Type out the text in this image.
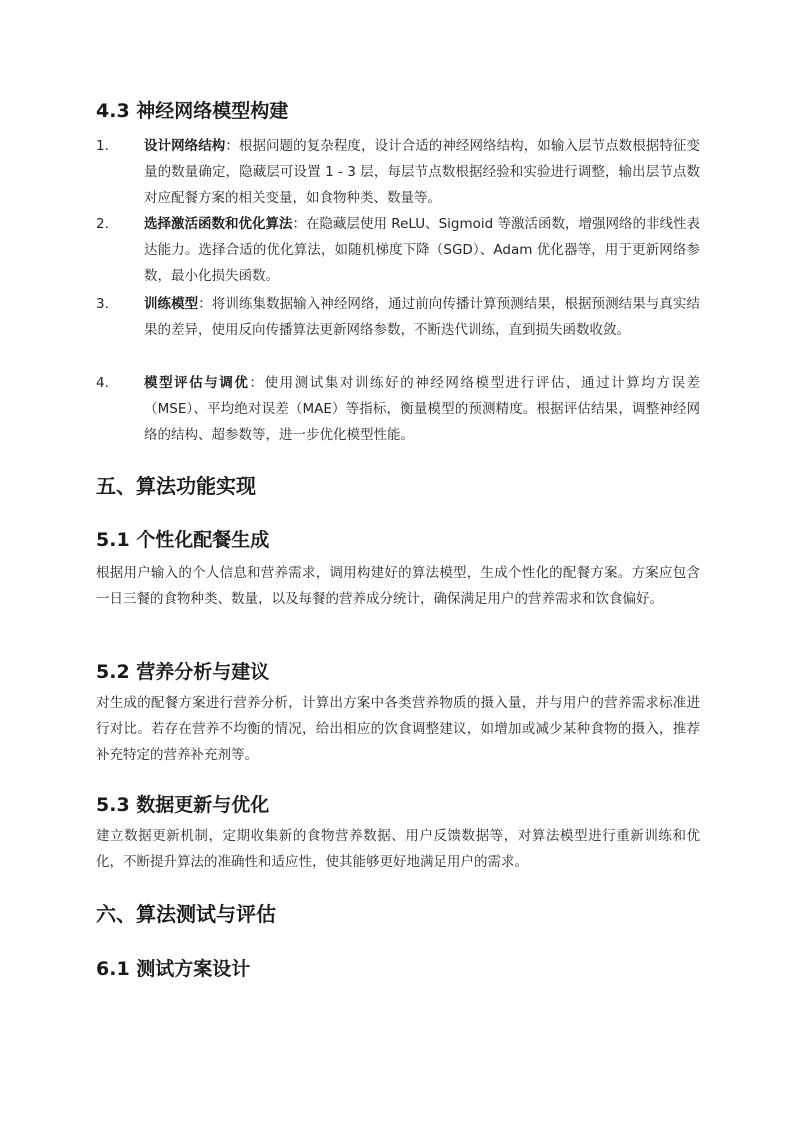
4.3 神经网络模型构建
1.	设计网络结构：根据问题的复杂程度，设计合适的神经网络结构，如输入层节点数根据特征变量的数量确定，隐藏层可设置 1 - 3 层，每层节点数根据经验和实验进行调整，输出层节点数对应配餐方案的相关变量，如食物种类、数量等。

2.	选择激活函数和优化算法：在隐藏层使用 ReLU、Sigmoid 等激活函数，增强网络的非线性表达能力。选择合适的优化算法，如随机梯度下降（SGD）、Adam 优化器等，用于更新网络参数，最小化损失函数。

3.	训练模型：将训练集数据输入神经网络，通过前向传播计算预测结果，根据预测结果与真实结果的差异，使用反向传播算法更新网络参数，不断迭代训练，直到损失函数收敛。

4.	模型评估与调优：使用测试集对训练好的神经网络模型进行评估，通过计算均方误差（MSE）、平均绝对误差（MAE）等指标，衡量模型的预测精度。根据评估结果，调整神经网络的结构、超参数等，进一步优化模型性能。

五、算法功能实现
5.1 个性化配餐生成

根据用户输入的个人信息和营养需求，调用构建好的算法模型，生成个性化的配餐方案。方案应包含一日三餐的食物种类、数量，以及每餐的营养成分统计，确保满足用户的营养需求和饮食偏好。

5.2 营养分析与建议

对生成的配餐方案进行营养分析，计算出方案中各类营养物质的摄入量，并与用户的营养需求标准进行对比。若存在营养不均衡的情况，给出相应的饮食调整建议，如增加或减少某种食物的摄入，推荐补充特定的营养补充剂等。

5.3 数据更新与优化

建立数据更新机制，定期收集新的食物营养数据、用户反馈数据等，对算法模型进行重新训练和优化，不断提升算法的准确性和适应性，使其能够更好地满足用户的需求。

六、算法测试与评估
6.1 测试方案设计
